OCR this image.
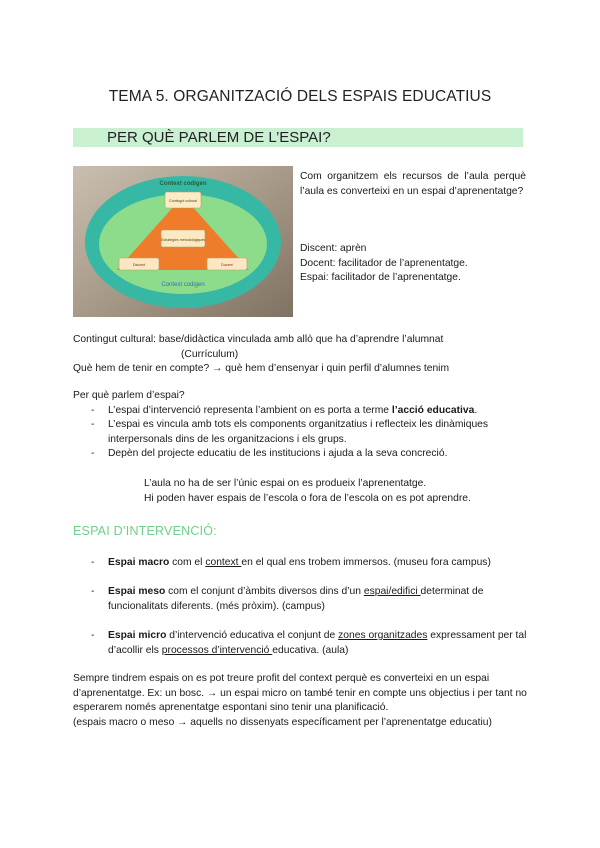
TEMA 5. ORGANITZACIÓ DELS ESPAIS EDUCATIUS
PER QUÈ PARLEM DE L’ESPAI?
Context codigen
Contingut cultural
Estratègies metodològiques
Discent	Docent
Context codigen
Com organitzem els recursos de l’aula perquè l’aula es converteixi en un espai d’aprenentatge?
Discent: aprèn
Docent: facilitador de l’aprenentatge.
Espai: facilitador de l’aprenentatge.
Contingut cultural: base/didàctica vinculada amb allò que ha d’aprendre l’alumnat
(Currículum)
Què hem de tenir en compte? → què hem d’ensenyar i quin perfil d’alumnes tenim
Per què parlem d’espai?
- L’espai d’intervenció representa l’ambient on es porta a terme l’acció educativa.
- L’espai es vincula amb tots els components organitzatius i reflecteix les dinàmiques interpersonals dins de les organitzacions i els grups.
- Depèn del projecte educatiu de les institucions i ajuda a la seva concreció.
L’aula no ha de ser l’únic espai on es produeix l’aprenentatge.
Hi poden haver espais de l’escola o fora de l’escola on es pot aprendre.
ESPAI D’INTERVENCIÓ:
-	Espai macro com el context en el qual ens trobem immersos. (museu fora campus)
-	Espai meso com el conjunt d’àmbits diversos dins d’un espai/edifici determinat de funcionalitats diferents. (més pròxim). (campus)
-	Espai micro d’intervenció educativa el conjunt de zones organitzades expressament per tal d’acollir els processos d’intervenció educativa. (aula)
Sempre tindrem espais on es pot treure profit del context perquè es converteixi en un espai d’aprenentatge. Ex: un bosc. → un espai micro on també tenir en compte uns objectius i per tant no esperarem només aprenentatge espontani sino tenir una planificació.
(espais macro o meso → aquells no dissenyats específicament per l’aprenentatge educatiu)
